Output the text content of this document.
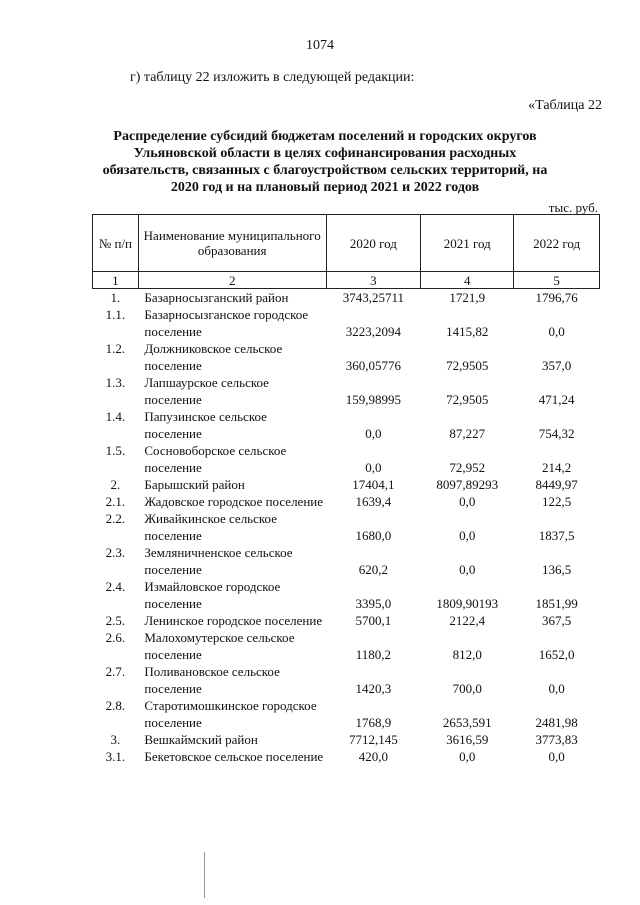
1074
г) таблицу 22 изложить в следующей редакции:
«Таблица 22
Распределение субсидий бюджетам поселений и городских округов Ульяновской области в целях софинансирования расходных обязательств, связанных с благоустройством сельских территорий, на 2020 год и на плановый период 2021 и 2022 годов
тыс. руб.
№ п/п	Наименование муниципального образования	2020 год	2021 год	2022 год
1	2	3	4	5
1.	Базарносызганский район	3743,25711	1721,9	1796,76
1.1.	Базарносызганское городское поселение	3223,2094	1415,82	0,0
1.2.	Должниковское сельское поселение	360,05776	72,9505	357,0
1.3.	Лапшаурское сельское поселение	159,98995	72,9505	471,24
1.4.	Папузинское сельское поселение	0,0	87,227	754,32
1.5.	Сосновоборское сельское поселение	0,0	72,952	214,2
2.	Барышский район	17404,1	8097,89293	8449,97
2.1.	Жадовское городское поселение	1639,4	0,0	122,5
2.2.	Живайкинское сельское поселение	1680,0	0,0	1837,5
2.3.	Земляничненское сельское поселение	620,2	0,0	136,5
2.4.	Измайловское городское поселение	3395,0	1809,90193	1851,99
2.5.	Ленинское городское поселение	5700,1	2122,4	367,5
2.6.	Малохомутерское сельское поселение	1180,2	812,0	1652,0
2.7.	Поливановское сельское поселение	1420,3	700,0	0,0
2.8.	Старотимошкинское городское поселение	1768,9	2653,591	2481,98
3.	Вешкаймский район	7712,145	3616,59	3773,83
3.1.	Бекетовское сельское поселение	420,0	0,0	0,0
